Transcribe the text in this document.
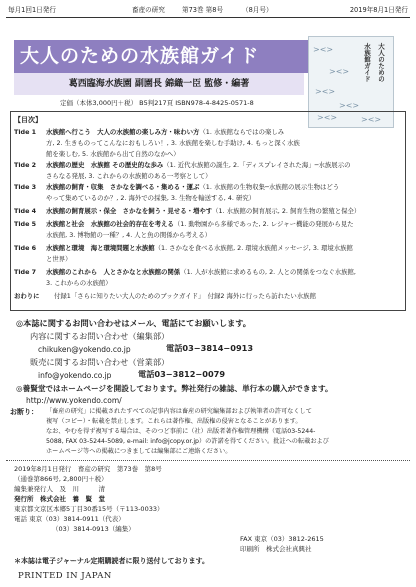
毎月1回1日発行	畜産の研究	第73巻 第8号	（8月号）	2019年8月1日発行
大人のための水族館ガイド
葛西臨海水族園 副園長 錦織一臣 監修・編著
定価（本体3,000円＋税） B5判217頁 ISBN978-4-8425-0571-8
大人のための
水族館ガイド
><>
><>
><>
><>
><>	><>
【目次】
Tide 1 水族館へ行こう　大人の水族館の楽しみ方・味わい方（1. 水族館ならではの楽しみ
方, 2. 生きものってこんなにおもしろい！, 3. 水族館を楽しむ手助け, 4. もっと深く水族
館を楽しむ, 5. 水族館から出て自然のなかへ）
Tide 2 水族館の歴史　水族館 その歴史的な歩み（1. 近代水族館の誕生, 2.「ディスプレイされた海」─水族展示の
さらなる発展, 3. これからの水族館のある一考察として）
Tide 3 水族館の飼育・収集　さかなを調べる・集める・運ぶ（1. 水族館の生物収集─水族館の展示生物はどう
やって集めているのか？, 2. 海外での採集, 3. 生物を輸送する, 4. 研究）
Tide 4 水族館の飼育展示・保全　さかなを飼う・見せる・増やす（1. 水族館の飼育展示, 2. 飼育生物の繁殖と保全）
Tide 5 水族館と社会　水族館の社会的存在を考える（1. 動物園から多様であった, 2. レジャー機能の発展から見た
水族館, 3. 博物館の一種？, 4. 人と魚の関係から考える）
Tide 6 水族館と環境　海と環境問題と水族館（1. さかなを食べる水族館, 2. 環境水族館メッセージ, 3. 環境水族館
と世界）
Tide 7 水族館のこれから　人とさかなと水族館の関係（1. 人が水族館に求めるもの, 2. 人との関係をつなぐ水族館,
3. これからの水族館）
おわりに 付録1「さらに知りたい大人のためのブックガイド」　 付録2 海外に行ったら訪れたい水族館
◎本誌に関するお問い合わせはメール、電話にてお願いします。
内容に関するお問い合わせ（編集部）
chikuken@yokendo.co.jp	電話03−3814−0913
販売に関するお問い合わせ（営業部）
info@yokendo.co.jp	電話03−3812−0079
◎養賢堂ではホームページを開設しております。弊社発行の雑誌、単行本の購入ができます。
http://www.yokendo.com/
お断り： 「畜産の研究」に掲載されたすべての記事内容は畜産の研究編集部および執筆者の許可なくして
複写（コピー）・転載を禁止します。これらは著作権、出版権の侵害となることがあります。
なお、やむを得ず複写する場合は、そのつど事前に（社）出版者著作権管理機構（電話03-5244-
5088, FAX 03-5244-5089, e-mail: info@jcopy.or.jp）の許諾を得てください。批註への転載および
ホームページ等への掲載につきましては編集部にご連絡ください。
2019年8月1日発行　畜産の研究　第73巻　第8号
（通巻第866号, 2,800円＋税）
編集兼発行人　及　川　　　清
発行所　株式会社　養　賢　堂
東京都文京区本郷5丁目30番15号（〒113-0033）
電話 東京（03）3814-0911（代表）
（03）3814-0913（編集）
FAX 東京（03）3812-2615
印刷所　株式会社真興社
＊本誌は電子ジャーナル定期購読者に限り送付しております。
PRINTED IN JAPAN
